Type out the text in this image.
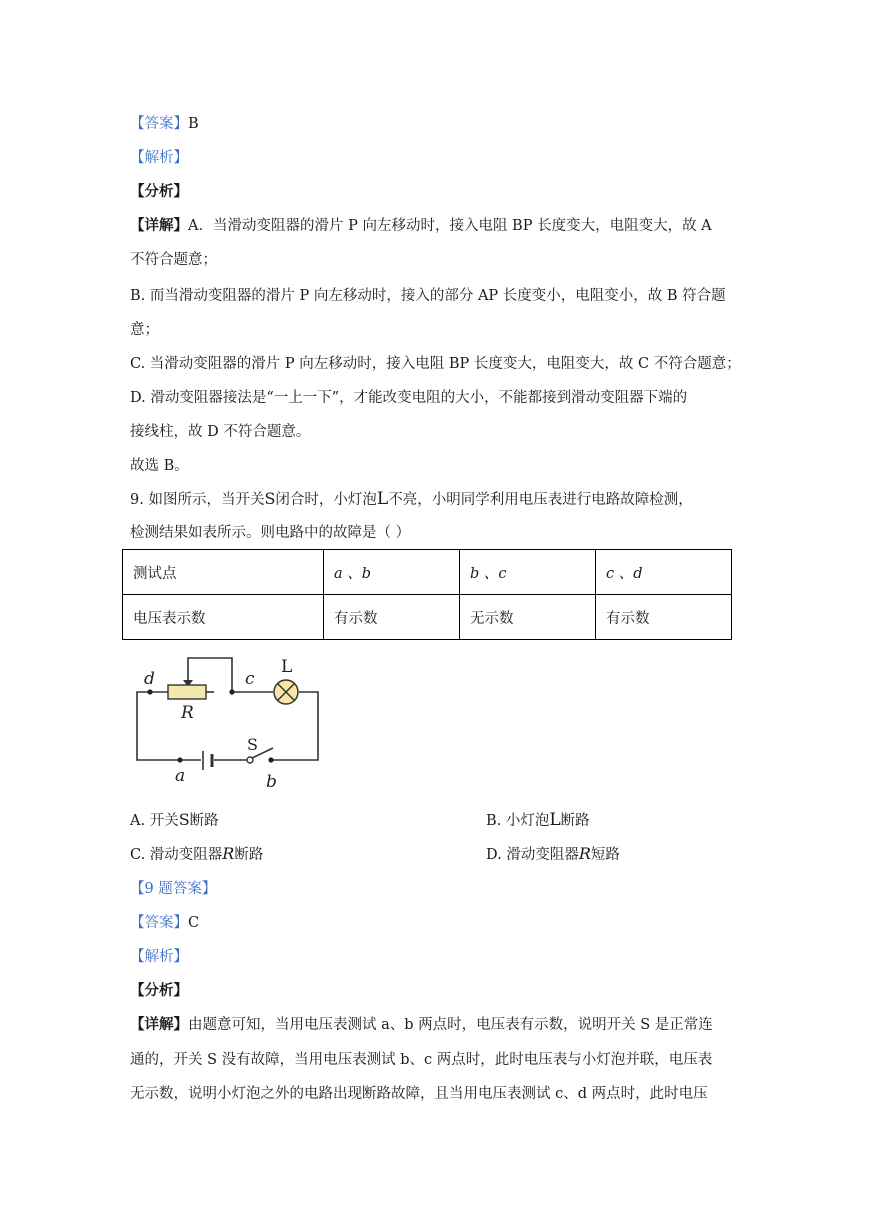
【答案】B
【解析】
【分析】
【详解】A．当滑动变阻器的滑片 P 向左移动时，接入电阻 BP 长度变大，电阻变大，故 A
不符合题意；
B. 而当滑动变阻器的滑片 P 向左移动时，接入的部分 AP 长度变小，电阻变小，故 B 符合题
意；
C. 当滑动变阻器的滑片 P 向左移动时，接入电阻 BP 长度变大，电阻变大，故 C 不符合题意；
D. 滑动变阻器接法是“一上一下”，才能改变电阻的大小，不能都接到滑动变阻器下端的
接线柱，故 D 不符合题意。
故选 B。
9. 如图所示，当开关S闭合时，小灯泡L不亮，小明同学利用电压表进行电路故障检测，
检测结果如表所示。则电路中的故障是（ ）
测试点	a 、b	b 、c	c 、d
电压表示数	有示数	无示数	有示数
d
R
c
L
S
a	b
A. 开关S断路	B. 小灯泡L断路
C. 滑动变阻器R断路	D. 滑动变阻器R短路
【9 题答案】
【答案】C
【解析】
【分析】
【详解】由题意可知，当用电压表测试 a、b 两点时，电压表有示数，说明开关 S 是正常连
通的，开关 S 没有故障，当用电压表测试 b、c 两点时，此时电压表与小灯泡并联，电压表
无示数，说明小灯泡之外的电路出现断路故障，且当用电压表测试 c、d 两点时，此时电压
